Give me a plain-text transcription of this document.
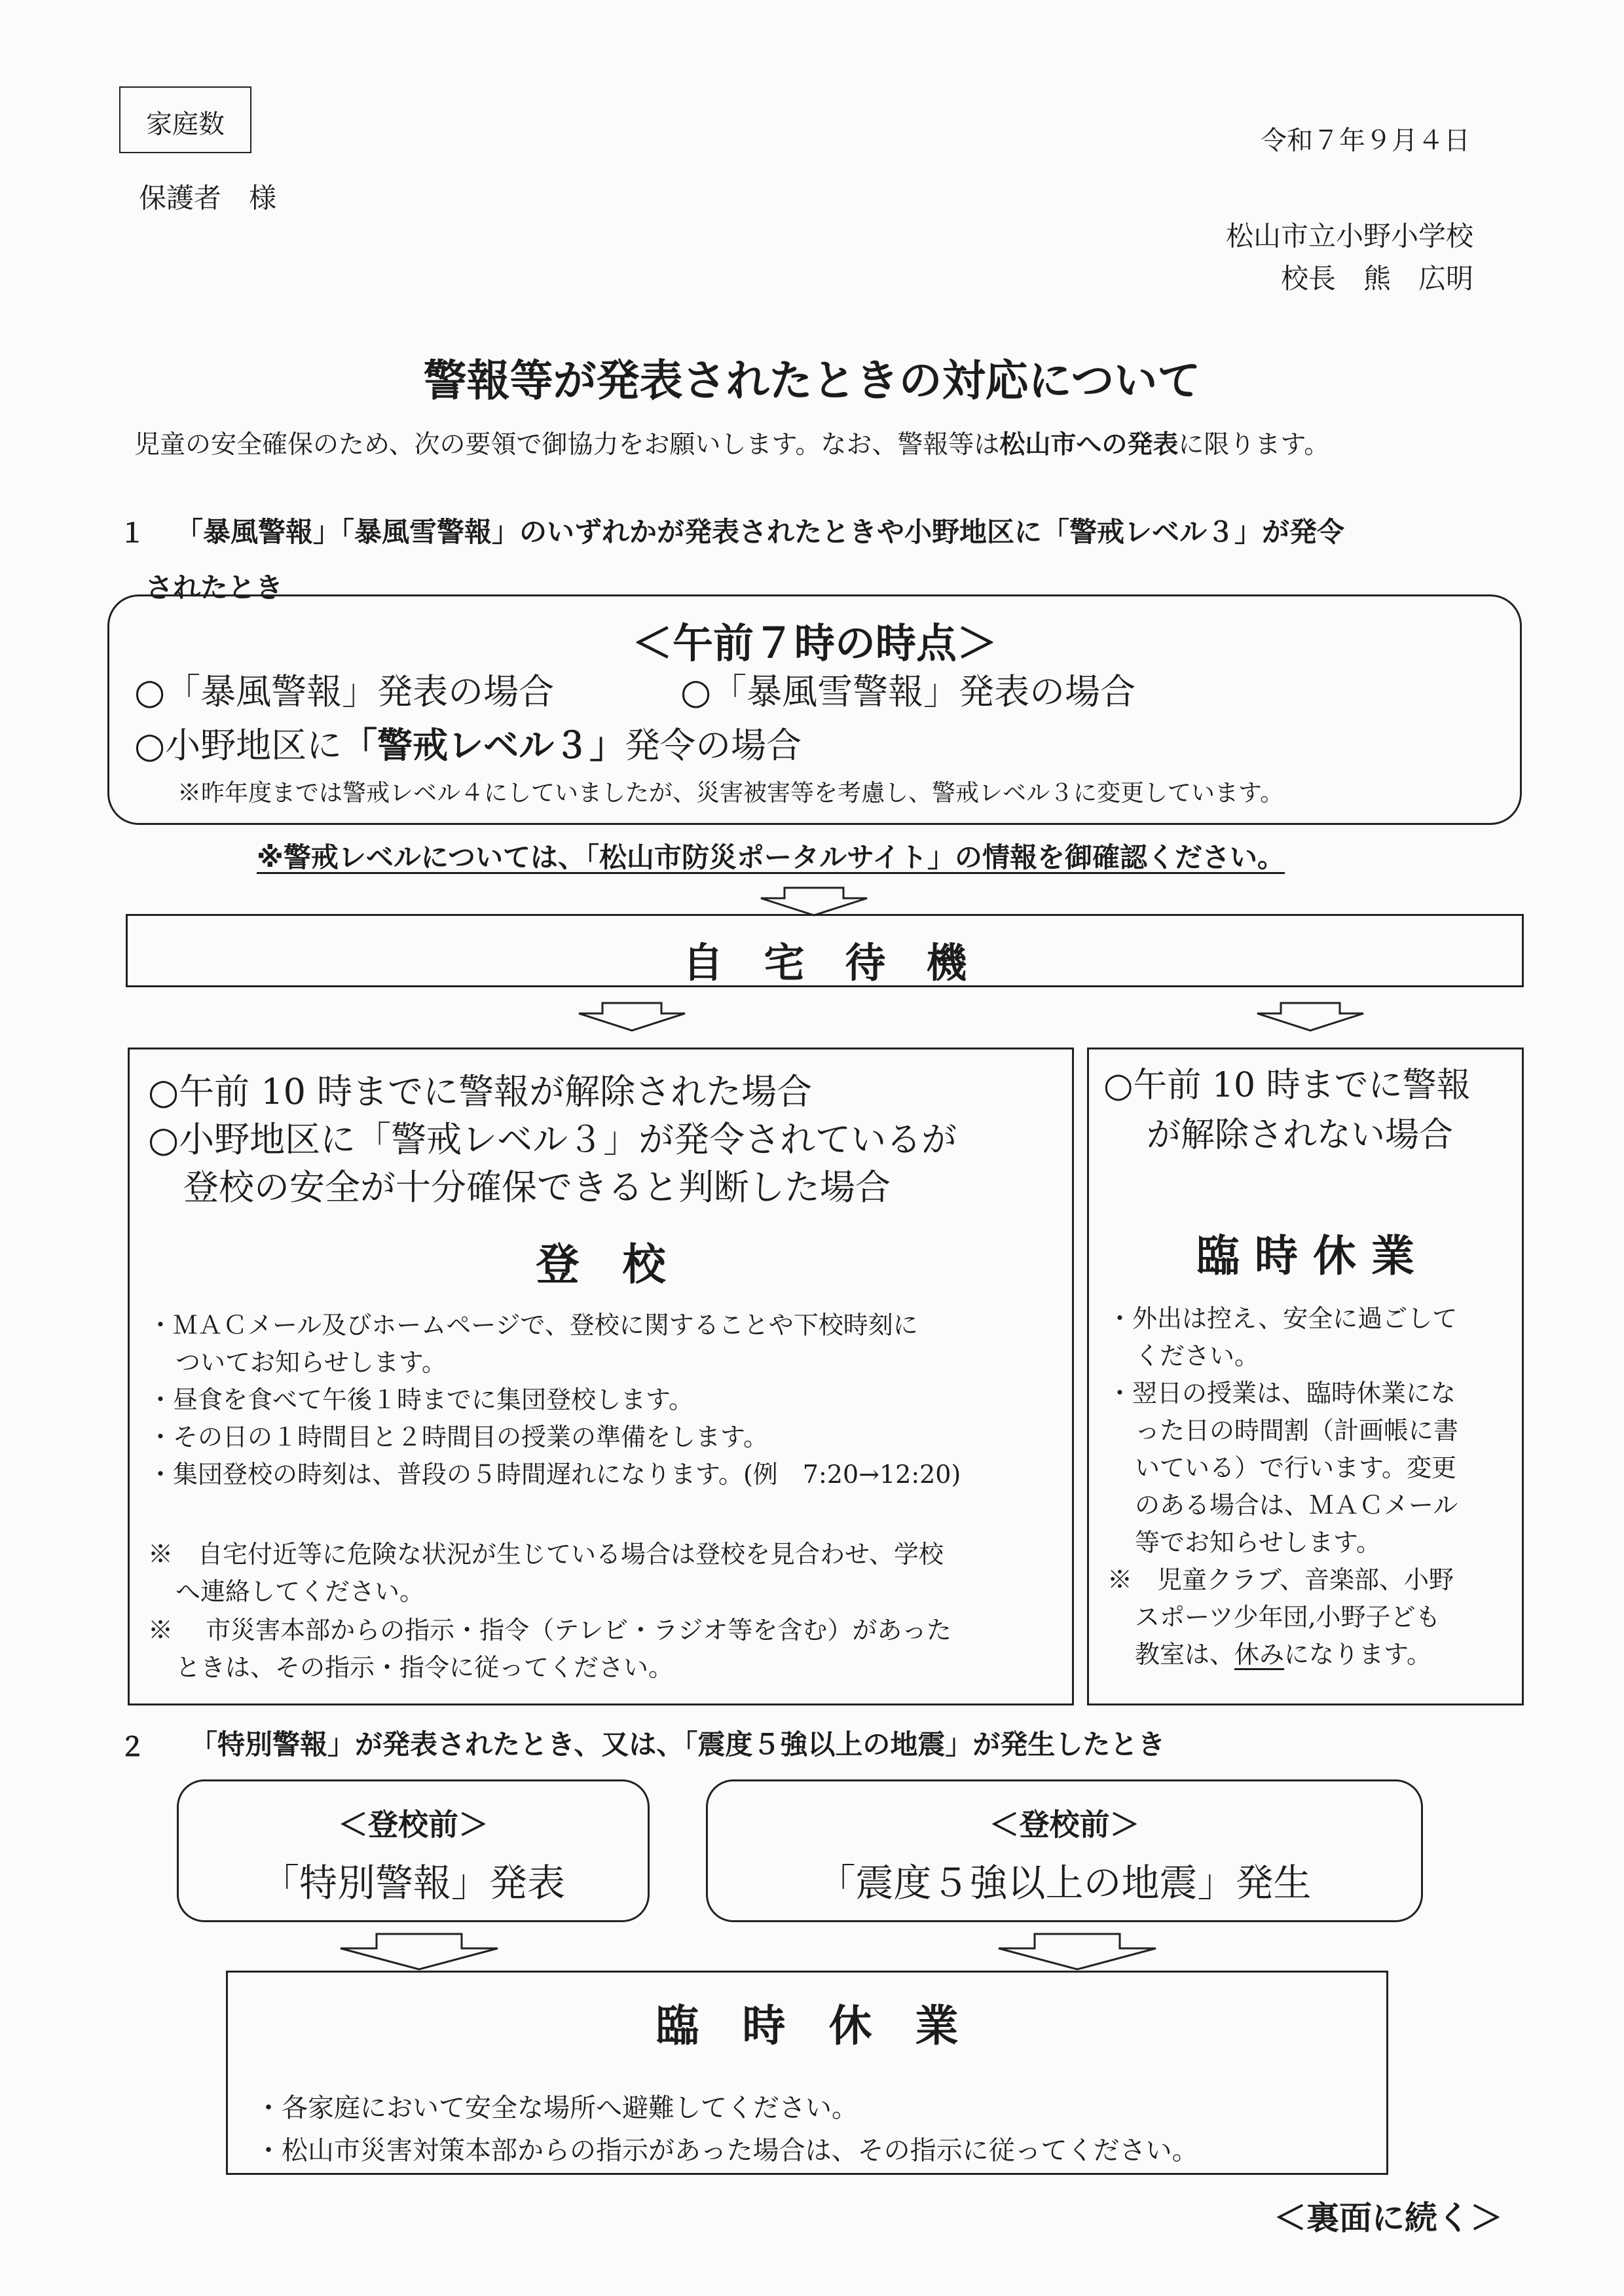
家庭数
令和７年９月４日
保護者　様
松山市立小野小学校
校長　熊　広明
警報等が発表されたときの対応について
児童の安全確保のため、次の要領で御協力をお願いします。なお、警報等は松山市への発表に限ります。
１ 「暴風警報」「暴風雪警報」のいずれかが発表されたときや小野地区に「警戒レベル３」が発令
されたとき
＜午前７時の時点＞
○「暴風警報」発表の場合	○「暴風雪警報」発表の場合
○小野地区に「警戒レベル３」発令の場合
※昨年度までは警戒レベル４にしていましたが、災害被害等を考慮し、警戒レベル３に変更しています。
※警戒レベルについては、「松山市防災ポータルサイト」の情報を御確認ください。
自　宅　待　機
○午前 10 時までに警報が解除された場合
○小野地区に「警戒レベル３」が発令されているが
登校の安全が十分確保できると判断した場合
登　校
・ＭＡＣメール及びホームページで、登校に関することや下校時刻に
ついてお知らせします。
・昼食を食べて午後１時までに集団登校します。
・その日の１時間目と２時間目の授業の準備をします。
・集団登校の時刻は、普段の５時間遅れになります。(例　7:20→12:20)
※　自宅付近等に危険な状況が生じている場合は登校を見合わせ、学校
へ連絡してください。
※　 市災害本部からの指示・指令（テレビ・ラジオ等を含む）があった
ときは、その指示・指令に従ってください。
○午前 10 時までに警報
が解除されない場合
臨 時 休 業
・外出は控え、安全に過ごして
ください。
・翌日の授業は、臨時休業にな
った日の時間割（計画帳に書
いている）で行います。変更
のある場合は、ＭＡＣメール
等でお知らせします。
※　児童クラブ、音楽部、小野
スポーツ少年団,小野子ども
教室は、休みになります。
２ 「特別警報」が発表されたとき、又は、「震度５強以上の地震」が発生したとき
＜登校前＞
「特別警報」発表
＜登校前＞
「震度５強以上の地震」発生
臨　時　休　業
・各家庭において安全な場所へ避難してください。
・松山市災害対策本部からの指示があった場合は、その指示に従ってください。
＜裏面に続く＞
